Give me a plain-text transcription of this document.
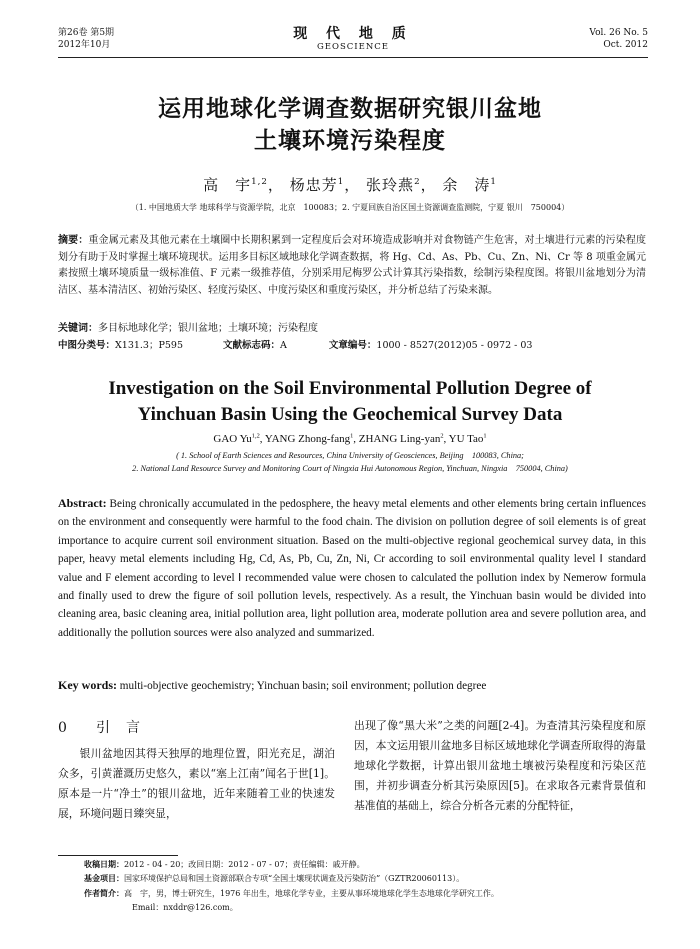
第26卷 第5期
2012年10月
现 代 地 质
GEOSCIENCE
Vol. 26 No. 5
Oct. 2012
运用地球化学调查数据研究银川盆地
土壤环境污染程度
高　宇$^{1,2}$， 杨忠芳$^1$， 张玲燕$^2$， 余　涛$^1$
（1. 中国地质大学 地球科学与资源学院，北京　100083；2. 宁夏回族自治区国土资源调查监测院，宁夏 银川　750004）
摘要：重金属元素及其他元素在土壤圈中长期积累到一定程度后会对环境造成影响并对食物链产生危害，对土壤进行元素的污染程度划分有助于及时掌握土壤环境现状。运用多目标区域地球化学调查数据，将 Hg、Cd、As、Pb、Cu、Zn、Ni、Cr 等 8 项重金属元素按照土壤环境质量一级标准值、F 元素一级推荐值，分别采用尼梅罗公式计算其污染指数，绘制污染程度图。将银川盆地划分为清洁区、基本清洁区、初始污染区、轻度污染区、中度污染区和重度污染区，并分析总结了污染来源。
关键词：多目标地球化学；银川盆地；土壤环境；污染程度
中图分类号：X131.3；P595	文献标志码：A	文章编号：1000 - 8527(2012)05 - 0972 - 03
Investigation on the Soil Environmental Pollution Degree of
Yinchuan Basin Using the Geochemical Survey Data
GAO Yu$^{1,2}$, YANG Zhong-fang$^1$, ZHANG Ling-yan$^2$, YU Tao$^1$
( 1. School of Earth Sciences and Resources, China University of Geosciences, Beijing　100083, China;
2. National Land Resource Survey and Monitoring Court of Ningxia Hui Autonomous Region, Yinchuan, Ningxia　750004, China)
Abstract: Being chronically accumulated in the pedosphere, the heavy metal elements and other elements bring certain influences on the environment and consequently were harmful to the food chain. The division on pollution degree of soil elements is of great importance to acquire current soil environment situation. Based on the multi-objective regional geochemical survey data, in this paper, heavy metal elements including Hg, Cd, As, Pb, Cu, Zn, Ni, Cr according to soil environmental quality level Ⅰ standard value and F element according to level Ⅰ recommended value were chosen to calculated the pollution index by Nemerow formula and finally used to drew the figure of soil pollution levels, respectively. As a result, the Yinchuan basin would be divided into cleaning area, basic cleaning area, initial pollution area, light pollution area, moderate pollution area and severe pollution area, and additionally the pollution sources were also analyzed and summarized.
Key words: multi-objective geochemistry; Yinchuan basin; soil environment; pollution degree
0 引　言

银川盆地因其得天独厚的地理位置，阳光充足，湖泊众多，引黄灌溉历史悠久，素以“塞上江南”闻名于世[1]。原本是一片“净土”的银川盆地，近年来随着工业的快速发展，环境问题日臻突显，

出现了像“黑大米”之类的问题[2-4]。为查清其污染程度和原因，本文运用银川盆地多目标区域地球化学调查所取得的海量地球化学数据，计算出银川盆地土壤被污染程度和污染区范围，并初步调查分析其污染原因[5]。在求取各元素背景值和基准值的基础上，综合分析各元素的分配特征，

收稿日期：2012 - 04 - 20；改回日期：2012 - 07 - 07；责任编辑：戚开静。
基金项目：国家环境保护总局和国土资源部联合专项“全国土壤现状调查及污染防治”（GZTR20060113）。
作者简介：高　宇，男，博士研究生，1976 年出生，地球化学专业，主要从事环境地球化学生态地球化学研究工作。
Email：nxddr@126.com。
